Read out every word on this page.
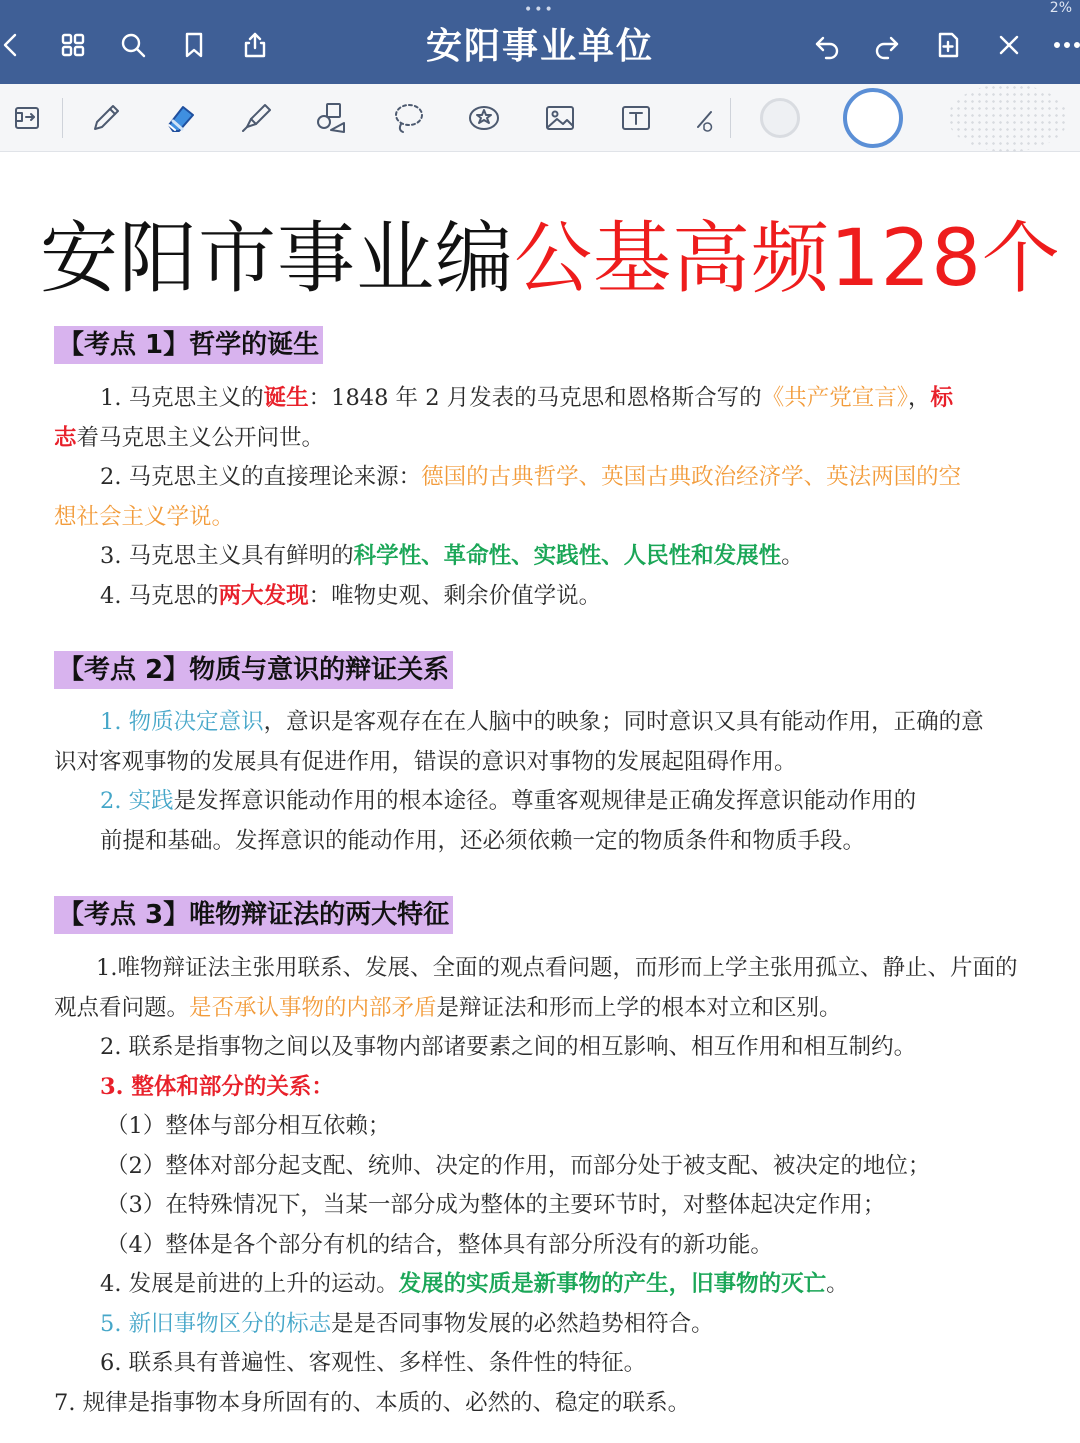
•••	2%
安阳事业单位
安阳市事业编公基高频128个
【考点 1】哲学的诞生
1. 马克思主义的诞生：1848 年 2 月发表的马克思和恩格斯合写的《共产党宣言》，标
志着马克思主义公开问世。
2. 马克思主义的直接理论来源：德国的古典哲学、英国古典政治经济学、英法两国的空
想社会主义学说。
3. 马克思主义具有鲜明的科学性、革命性、实践性、人民性和发展性。
4. 马克思的两大发现：唯物史观、剩余价值学说。
【考点 2】物质与意识的辩证关系
1. 物质决定意识，意识是客观存在在人脑中的映象；同时意识又具有能动作用，正确的意
识对客观事物的发展具有促进作用，错误的意识对事物的发展起阻碍作用。
2. 实践是发挥意识能动作用的根本途径。尊重客观规律是正确发挥意识能动作用的
前提和基础。发挥意识的能动作用，还必须依赖一定的物质条件和物质手段。
【考点 3】唯物辩证法的两大特征
1.唯物辩证法主张用联系、发展、全面的观点看问题，而形而上学主张用孤立、静止、片面的
观点看问题。是否承认事物的内部矛盾是辩证法和形而上学的根本对立和区别。
2. 联系是指事物之间以及事物内部诸要素之间的相互影响、相互作用和相互制约。
3. 整体和部分的关系：
（1）整体与部分相互依赖；
（2）整体对部分起支配、统帅、决定的作用，而部分处于被支配、被决定的地位；
（3）在特殊情况下，当某一部分成为整体的主要环节时，对整体起决定作用；
（4）整体是各个部分有机的结合，整体具有部分所没有的新功能。
4. 发展是前进的上升的运动。发展的实质是新事物的产生，旧事物的灭亡。
5. 新旧事物区分的标志是是否同事物发展的必然趋势相符合。
6. 联系具有普遍性、客观性、多样性、条件性的特征。
7. 规律是指事物本身所固有的、本质的、必然的、稳定的联系。
